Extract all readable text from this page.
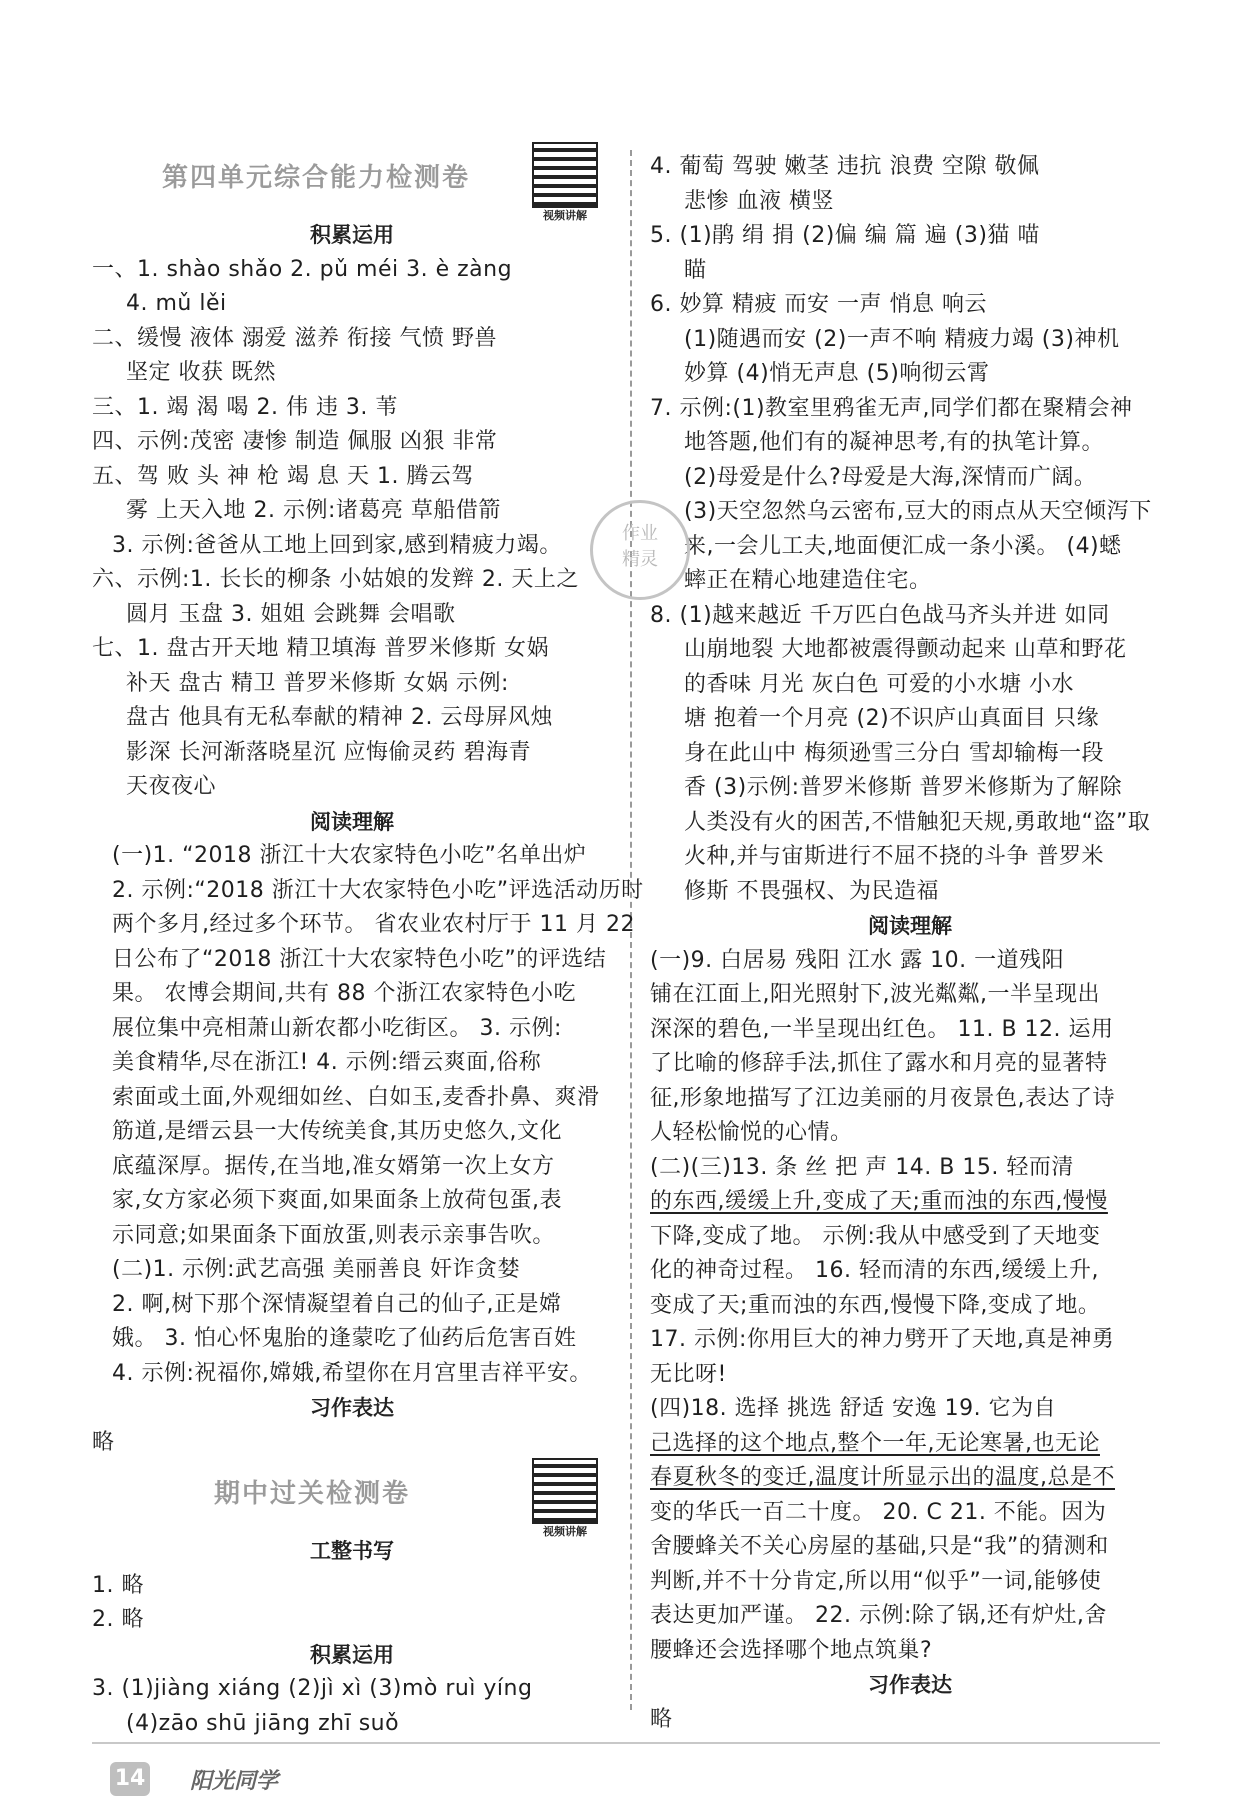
第四单元综合能力检测卷
视频讲解
积累运用
一、1. shào shǎo 2. pǔ méi 3. è zàng
4. mǔ lěi
二、缓慢 液体 溺爱 滋养 衔接 气愤 野兽
坚定 收获 既然
三、1. 竭 渴 喝 2. 伟 违 3. 苇
四、示例:茂密 凄惨 制造 佩服 凶狠 非常
五、驾 败 头 神 枪 竭 息 天 1. 腾云驾
雾 上天入地 2. 示例:诸葛亮 草船借箭
3. 示例:爸爸从工地上回到家,感到精疲力竭。
六、示例:1. 长长的柳条 小姑娘的发辫 2. 天上之
圆月 玉盘 3. 姐姐 会跳舞 会唱歌
七、1. 盘古开天地 精卫填海 普罗米修斯 女娲
补天 盘古 精卫 普罗米修斯 女娲 示例:
盘古 他具有无私奉献的精神 2. 云母屏风烛
影深 长河渐落晓星沉 应悔偷灵药 碧海青
天夜夜心
阅读理解
(一)1. “2018 浙江十大农家特色小吃”名单出炉
2. 示例:“2018 浙江十大农家特色小吃”评选活动历时
两个多月,经过多个环节。 省农业农村厅于 11 月 22
日公布了“2018 浙江十大农家特色小吃”的评选结
果。 农博会期间,共有 88 个浙江农家特色小吃
展位集中亮相萧山新农都小吃街区。 3. 示例:
美食精华,尽在浙江! 4. 示例:缙云爽面,俗称
索面或土面,外观细如丝、白如玉,麦香扑鼻、爽滑
筋道,是缙云县一大传统美食,其历史悠久,文化
底蕴深厚。据传,在当地,准女婿第一次上女方
家,女方家必须下爽面,如果面条上放荷包蛋,表
示同意;如果面条下面放蛋,则表示亲事告吹。
(二)1. 示例:武艺高强 美丽善良 奸诈贪婪
2. 啊,树下那个深情凝望着自己的仙子,正是嫦
娥。 3. 怕心怀鬼胎的逢蒙吃了仙药后危害百姓
4. 示例:祝福你,嫦娥,希望你在月宫里吉祥平安。
习作表达
略
期中过关检测卷
视频讲解
工整书写
1. 略
2. 略
积累运用
3. (1)jiàng xiáng (2)jì xì (3)mò ruì yíng
(4)zāo shū jiāng zhī suǒ
4. 葡萄 驾驶 嫩茎 违抗 浪费 空隙 敬佩
悲惨 血液 横竖
5. (1)鹃 绢 捐 (2)偏 编 篇 遍 (3)猫 喵
瞄
6. 妙算 精疲 而安 一声 悄息 响云
(1)随遇而安 (2)一声不响 精疲力竭 (3)神机
妙算 (4)悄无声息 (5)响彻云霄
7. 示例:(1)教室里鸦雀无声,同学们都在聚精会神
地答题,他们有的凝神思考,有的执笔计算。
(2)母爱是什么?母爱是大海,深情而广阔。
(3)天空忽然乌云密布,豆大的雨点从天空倾泻下
来,一会儿工夫,地面便汇成一条小溪。 (4)蟋
蟀正在精心地建造住宅。
8. (1)越来越近 千万匹白色战马齐头并进 如同
山崩地裂 大地都被震得颤动起来 山草和野花
的香味 月光 灰白色 可爱的小水塘 小水
塘 抱着一个月亮 (2)不识庐山真面目 只缘
身在此山中 梅须逊雪三分白 雪却输梅一段
香 (3)示例:普罗米修斯 普罗米修斯为了解除
人类没有火的困苦,不惜触犯天规,勇敢地“盗”取
火种,并与宙斯进行不屈不挠的斗争 普罗米
修斯 不畏强权、为民造福
阅读理解
(一)9. 白居易 残阳 江水 露 10. 一道残阳
铺在江面上,阳光照射下,波光粼粼,一半呈现出
深深的碧色,一半呈现出红色。 11. B 12. 运用
了比喻的修辞手法,抓住了露水和月亮的显著特
征,形象地描写了江边美丽的月夜景色,表达了诗
人轻松愉悦的心情。
(二)(三)13. 条 丝 把 声 14. B 15. 轻而清
的东西,缓缓上升,变成了天;重而浊的东西,慢慢
下降,变成了地。 示例:我从中感受到了天地变
化的神奇过程。 16. 轻而清的东西,缓缓上升,
变成了天;重而浊的东西,慢慢下降,变成了地。
17. 示例:你用巨大的神力劈开了天地,真是神勇
无比呀!
(四)18. 选择 挑选 舒适 安逸 19. 它为自
己选择的这个地点,整个一年,无论寒暑,也无论
春夏秋冬的变迁,温度计所显示出的温度,总是不
变的华氏一百二十度。 20. C 21. 不能。因为
舍腰蜂关不关心房屋的基础,只是“我”的猜测和
判断,并不十分肯定,所以用“似乎”一词,能够使
表达更加严谨。 22. 示例:除了锅,还有炉灶,舍
腰蜂还会选择哪个地点筑巢?
习作表达
略
作业
精灵
14 阳光同学
